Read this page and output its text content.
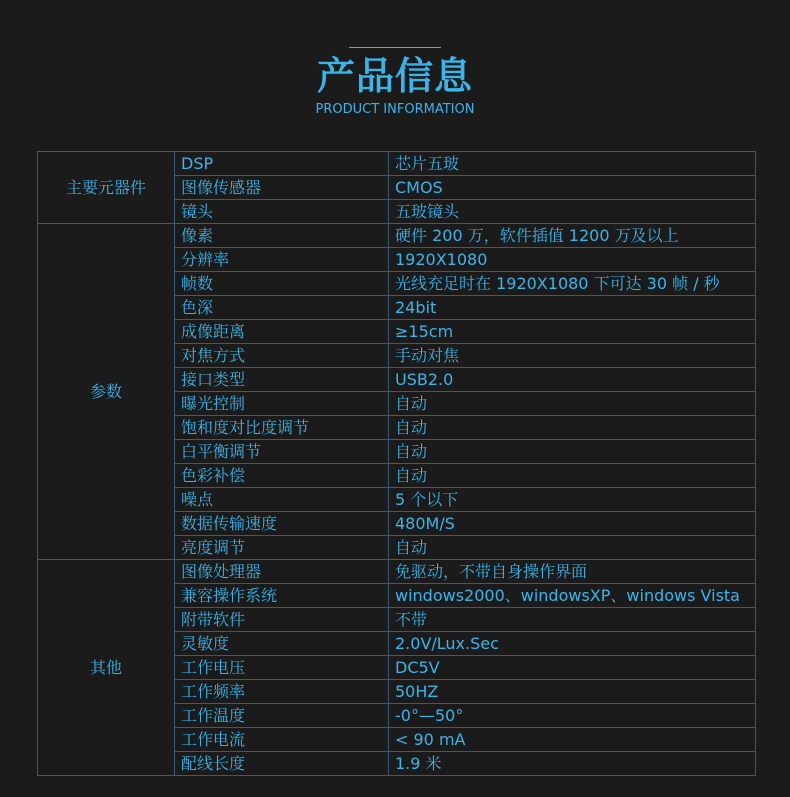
产品信息
PRODUCT INFORMATION
主要元器件	DSP	芯片五玻
	图像传感器	CMOS
	镜头	五玻镜头
参数	像素	硬件 200 万，软件插值 1200 万及以上
	分辨率	1920X1080
	帧数	光线充足时在 1920X1080 下可达 30 帧 / 秒
	色深	24bit
	成像距离	≥15cm
	对焦方式	手动对焦
	接口类型	USB2.0
	曝光控制	自动
	饱和度对比度调节	自动
	白平衡调节	自动
	色彩补偿	自动
	噪点	5 个以下
	数据传输速度	480M/S
	亮度调节	自动
其他	图像处理器	免驱动，不带自身操作界面
	兼容操作系统	windows2000、windowsXP、windows Vista
	附带软件	不带
	灵敏度	2.0V/Lux.Sec
	工作电压	DC5V
	工作频率	50HZ
	工作温度	-0°—50°
	工作电流	< 90 mA
	配线长度	1.9 米
